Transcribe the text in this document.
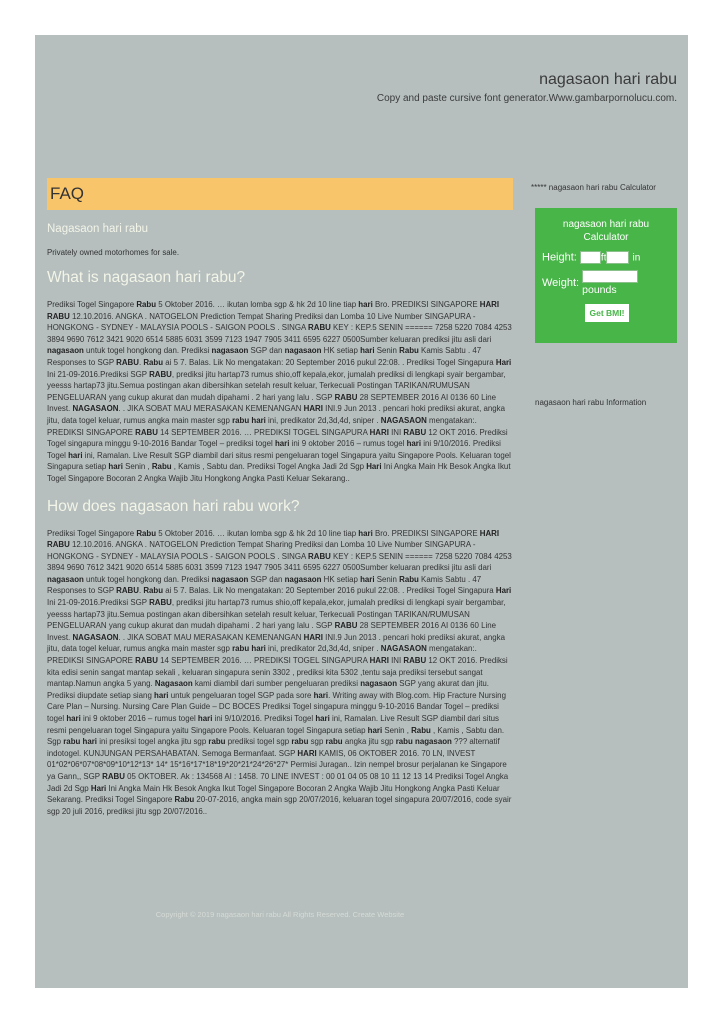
nagasaon hari rabu
Copy and paste cursive font generator.Www.gambarpornolucu.com.
FAQ
Nagasaon hari rabu
Privately owned motorhomes for sale.
What is nagasaon hari rabu?
Prediksi Togel Singapore Rabu 5 Oktober 2016. … ikutan lomba sgp & hk 2d 10 line tiap hari Bro. PREDIKSI SINGAPORE HARI RABU 12.10.2016. ANGKA . NATOGELON Prediction Tempat Sharing Prediksi dan Lomba 10 Live Number SINGAPURA - HONGKONG - SYDNEY - MALAYSIA POOLS - SAIGON POOLS . SINGA RABU KEY : KEP.5 SENIN ====== 7258 5220 7084 4253 3894 9690 7612 3421 9020 6514 5885 6031 3599 7123 1947 7905 3411 6595 6227 0500Sumber keluaran prediksi jitu asli dari nagasaon untuk togel hongkong dan. Prediksi nagasaon SGP dan nagasaon HK setiap hari Senin Rabu Kamis Sabtu . 47 Responses to SGP RABU. Rabu ai 5 7. Balas. Lik No mengatakan: 20 September 2016 pukul 22:08. . Prediksi Togel Singapura Hari Ini 21-09-2016.Prediksi SGP RABU, prediksi jitu hartap73 rumus shio,off kepala,ekor, jumalah prediksi di lengkapi syair bergambar, yeesss hartap73 jitu.Semua postingan akan dibersihkan setelah result keluar, Terkecuali Postingan TARIKAN/RUMUSAN PENGELUARAN yang cukup akurat dan mudah dipahami . 2 hari yang lalu . SGP RABU 28 SEPTEMBER 2016 AI 0136 60 Line Invest. NAGASAON. . JIKA SOBAT MAU MERASAKAN KEMENANGAN HARI INI.9 Jun 2013 . pencari hoki prediksi akurat, angka jitu, data togel keluar, rumus angka main master sgp rabu hari ini, predikator 2d,3d,4d, sniper . NAGASAON mengatakan:. PREDIKSI SINGAPORE RABU 14 SEPTEMBER 2016. … PREDIKSI TOGEL SINGAPURA HARI INI RABU 12 OKT 2016. Prediksi Togel singapura minggu 9-10-2016 Bandar Togel – prediksi togel hari ini 9 oktober 2016 – rumus togel hari ini 9/10/2016. Prediksi Togel hari ini, Ramalan. Live Result SGP diambil dari situs resmi pengeluaran togel Singapura yaitu Singapore Pools. Keluaran togel Singapura setiap hari Senin , Rabu , Kamis , Sabtu dan. Prediksi Togel Angka Jadi 2d Sgp Hari Ini Angka Main Hk Besok Angka Ikut Togel Singapore Bocoran 2 Angka Wajib Jitu Hongkong Angka Pasti Keluar Sekarang..
How does nagasaon hari rabu work?
Prediksi Togel Singapore Rabu 5 Oktober 2016. … ikutan lomba sgp & hk 2d 10 line tiap hari Bro. PREDIKSI SINGAPORE HARI RABU 12.10.2016. ANGKA . NATOGELON Prediction Tempat Sharing Prediksi dan Lomba 10 Live Number SINGAPURA - HONGKONG - SYDNEY - MALAYSIA POOLS - SAIGON POOLS . SINGA RABU KEY : KEP.5 SENIN ====== 7258 5220 7084 4253 3894 9690 7612 3421 9020 6514 5885 6031 3599 7123 1947 7905 3411 6595 6227 0500Sumber keluaran prediksi jitu asli dari nagasaon untuk togel hongkong dan. Prediksi nagasaon SGP dan nagasaon HK setiap hari Senin Rabu Kamis Sabtu . 47 Responses to SGP RABU. Rabu ai 5 7. Balas. Lik No mengatakan: 20 September 2016 pukul 22:08. . Prediksi Togel Singapura Hari Ini 21-09-2016.Prediksi SGP RABU, prediksi jitu hartap73 rumus shio,off kepala,ekor, jumalah prediksi di lengkapi syair bergambar, yeesss hartap73 jitu.Semua postingan akan dibersihkan setelah result keluar, Terkecuali Postingan TARIKAN/RUMUSAN PENGELUARAN yang cukup akurat dan mudah dipahami . 2 hari yang lalu . SGP RABU 28 SEPTEMBER 2016 AI 0136 60 Line Invest. NAGASAON. . JIKA SOBAT MAU MERASAKAN KEMENANGAN HARI INI.9 Jun 2013 . pencari hoki prediksi akurat, angka jitu, data togel keluar, rumus angka main master sgp rabu hari ini, predikator 2d,3d,4d, sniper . NAGASAON mengatakan:. PREDIKSI SINGAPORE RABU 14 SEPTEMBER 2016. … PREDIKSI TOGEL SINGAPURA HARI INI RABU 12 OKT 2016. Prediksi kita edisi senin sangat mantap sekali , keluaran singapura senin 3302 , prediksi kita 5302 ,tentu saja prediksi tersebut sangat mantap.Namun angka 5 yang. Nagasaon kami diambil dari sumber pengeluaran prediksi nagasaon SGP yang akurat dan jitu. Prediksi diupdate setiap siang hari untuk pengeluaran togel SGP pada sore hari. Writing away with Blog.com. Hip Fracture Nursing Care Plan – Nursing. Nursing Care Plan Guide – DC BOCES Prediksi Togel singapura minggu 9-10-2016 Bandar Togel – prediksi togel hari ini 9 oktober 2016 – rumus togel hari ini 9/10/2016. Prediksi Togel hari ini, Ramalan. Live Result SGP diambil dari situs resmi pengeluaran togel Singapura yaitu Singapore Pools. Keluaran togel Singapura setiap hari Senin , Rabu , Kamis , Sabtu dan. Sgp rabu hari ini presiksi togel angka jitu sgp rabu prediksi togel sgp rabu sgp rabu angka jitu sgp rabu nagasaon ??? alternatif indotogel. KUNJUNGAN PERSAHABATAN. Semoga Bermanfaat. SGP HARI KAMIS, 06 OKTOBER 2016. 70 LN, INVEST 01*02*06*07*08*09*10*12*13* 14* 15*16*17*18*19*20*21*24*26*27* Permisi Juragan.. Izin nempel brosur perjalanan ke Singapore ya Gann,, SGP RABU 05 OKTOBER. Ak : 134568 AI : 1458. 70 LINE INVEST : 00 01 04 05 08 10 11 12 13 14 Prediksi Togel Angka Jadi 2d Sgp Hari Ini Angka Main Hk Besok Angka Ikut Togel Singapore Bocoran 2 Angka Wajib Jitu Hongkong Angka Pasti Keluar Sekarang. Prediksi Togel Singapore Rabu 20-07-2016, angka main sgp 20/07/2016, keluaran togel singapura 20/07/2016, code syair sgp 20 juli 2016, prediksi jitu sgp 20/07/2016..
Copyright © 2019 nagasaon hari rabu All Rights Reserved. Create Website
***** nagasaon hari rabu Calculator
nagasaon hari rabu
Calculator
Height: ft	in
Weight:
pounds
Get BMI!
nagasaon hari rabu Information
